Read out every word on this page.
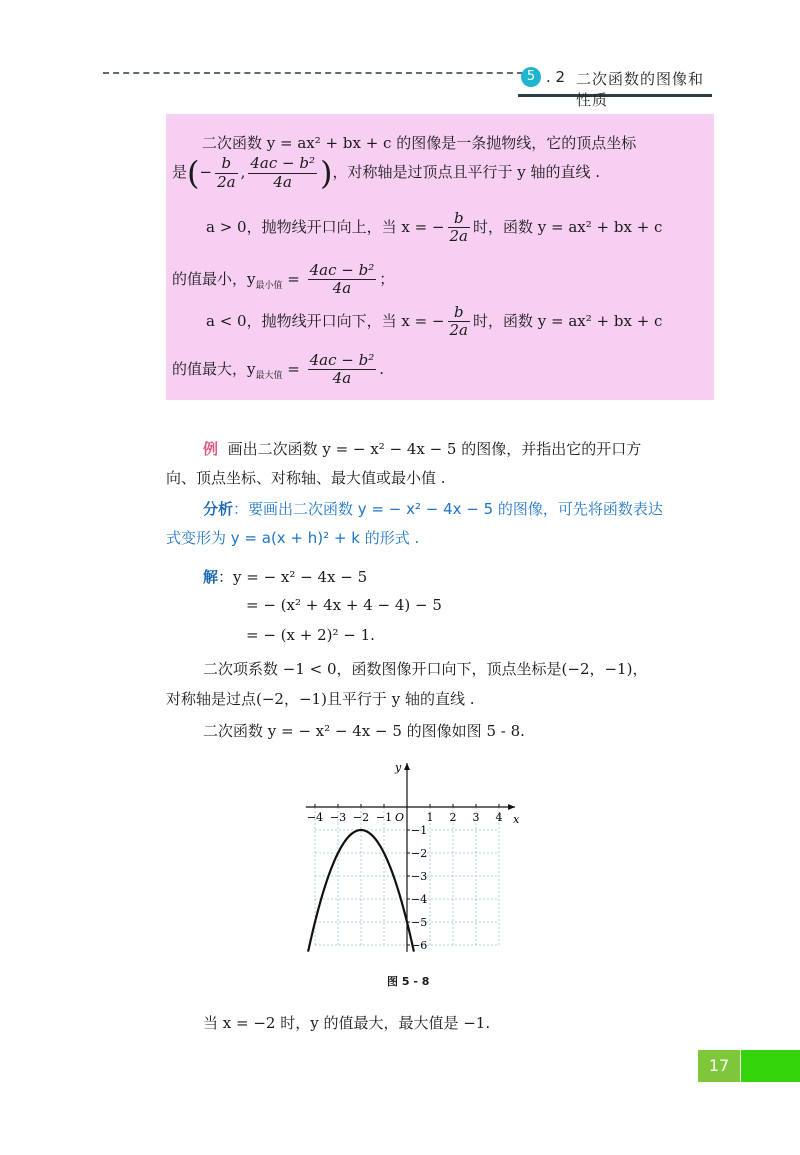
5 . 2 二次函数的图像和性质
二次函数 y = ax² + bx + c 的图像是一条抛物线，它的顶点坐标
是(− $\frac{b}{2a}$ , $\frac{\text{4ac − b²}}{4a}$ )，对称轴是过顶点且平行于 y 轴的直线 .
a > 0，抛物线开口向上，当 x = − $\frac{b}{2a}$ 时，函数 y = ax² + bx + c
的值最小，$y_{最小值} = \frac{\text{4ac − b²}}{4a}$ ；
a < 0，抛物线开口向下，当 x = − $\frac{b}{2a}$ 时，函数 y = ax² + bx + c
的值最大，$y_{最大值} = \frac{\text{4ac − b²}}{4a}$ .
例 画出二次函数 y = − x² − 4x − 5 的图像，并指出它的开口方
向、顶点坐标、对称轴、最大值或最小值 .
分析：要画出二次函数 y = − x² − 4x − 5 的图像，可先将函数表达
式变形为 y = a(x + h)² + k 的形式 .
解：y = − x² − 4x − 5
= − (x² + 4x + 4 − 4) − 5
= − (x + 2)² − 1.
二次项系数 −1 < 0，函数图像开口向下，顶点坐标是(−2，−1)，
对称轴是过点(−2，−1)且平行于 y 轴的直线 .
二次函数 y = − x² − 4x − 5 的图像如图 5 - 8.
x
y
O
−4 −3 −2 −1	1 2 3 4
−1
−2
−3
−4
−5
−6
图 5 - 8
当 x = −2 时，y 的值最大，最大值是 −1.
17
